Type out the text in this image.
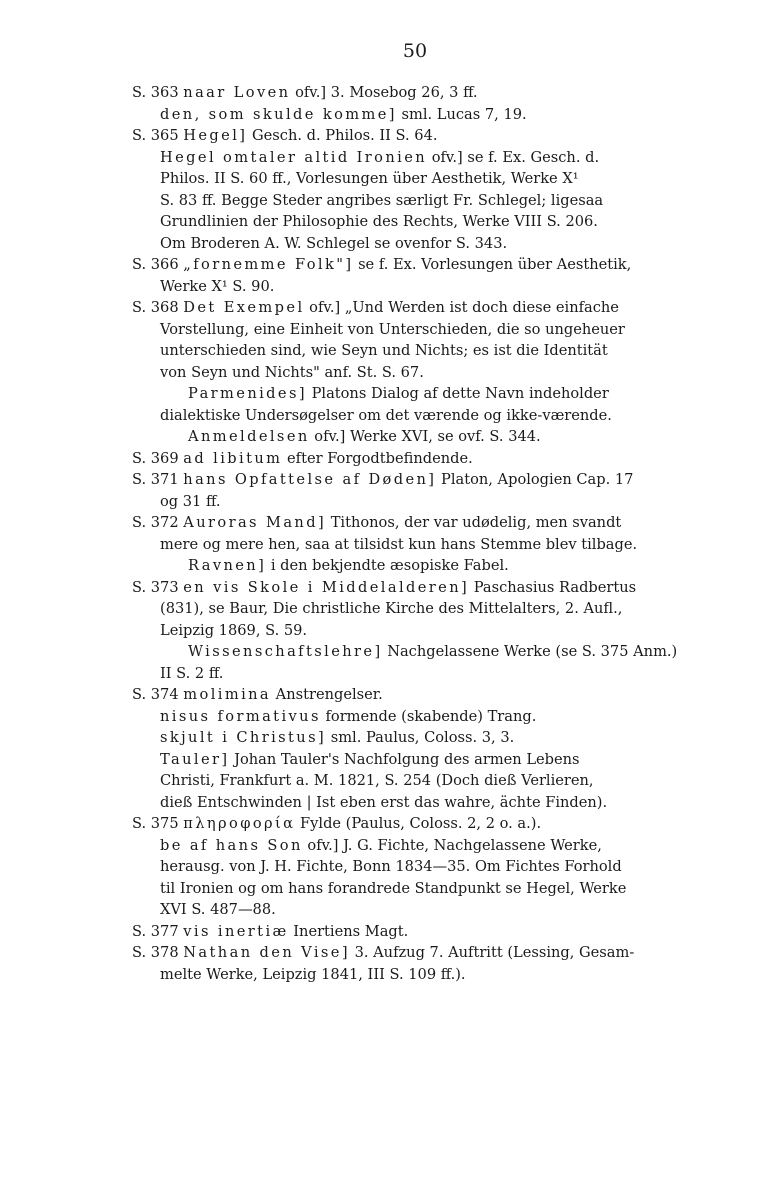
50
S. 363 naar Loven ofv.] 3. Mosebog 26, 3 ff.
den, som skulde komme] sml. Lucas 7, 19.
S. 365 Hegel] Gesch. d. Philos. II S. 64.
Hegel omtaler altid Ironien ofv.] se f. Ex. Gesch. d.
Philos. II S. 60 ff., Vorlesungen über Aesthetik, Werke X¹
S. 83 ff. Begge Steder angribes særligt Fr. Schlegel; ligesaa
Grundlinien der Philosophie des Rechts, Werke VIII S. 206.
Om Broderen A. W. Schlegel se ovenfor S. 343.
S. 366 „fornemme Folk"] se f. Ex. Vorlesungen über Aesthetik,
Werke X¹ S. 90.
S. 368 Det Exempel ofv.] „Und Werden ist doch diese einfache
Vorstellung, eine Einheit von Unterschieden, die so ungeheuer
unterschieden sind, wie Seyn und Nichts; es ist die Identität
von Seyn und Nichts" anf. St. S. 67.
Parmenides] Platons Dialog af dette Navn indeholder
dialektiske Undersøgelser om det værende og ikke-værende.
Anmeldelsen ofv.] Werke XVI, se ovf. S. 344.
S. 369 ad libitum efter Forgodtbefindende.
S. 371 hans Opfattelse af Døden] Platon, Apologien Cap. 17
og 31 ff.
S. 372 Auroras Mand] Tithonos, der var udødelig, men svandt
mere og mere hen, saa at tilsidst kun hans Stemme blev tilbage.
Ravnen] i den bekjendte æsopiske Fabel.
S. 373 en vis Skole i Middelalderen] Paschasius Radbertus
(831), se Baur, Die christliche Kirche des Mittelalters, 2. Aufl.,
Leipzig 1869, S. 59.
Wissenschaftslehre] Nachgelassene Werke (se S. 375 Anm.)
II S. 2 ff.
S. 374 molimina Anstrengelser.
nisus formativus formende (skabende) Trang.
skjult i Christus] sml. Paulus, Coloss. 3, 3.
Tauler] Johan Tauler's Nachfolgung des armen Lebens
Christi, Frankfurt a. M. 1821, S. 254 (Doch dieß Verlieren,
dieß Entschwinden | Ist eben erst das wahre, ächte Finden).
S. 375 πληροφορία Fylde (Paulus, Coloss. 2, 2 o. a.).
be af hans Son ofv.] J. G. Fichte, Nachgelassene Werke,
herausg. von J. H. Fichte, Bonn 1834—35. Om Fichtes Forhold
til Ironien og om hans forandrede Standpunkt se Hegel, Werke
XVI S. 487—88.
S. 377 vis inertiæ Inertiens Magt.
S. 378 Nathan den Vise] 3. Aufzug 7. Auftritt (Lessing, Gesam-
melte Werke, Leipzig 1841, III S. 109 ff.).
